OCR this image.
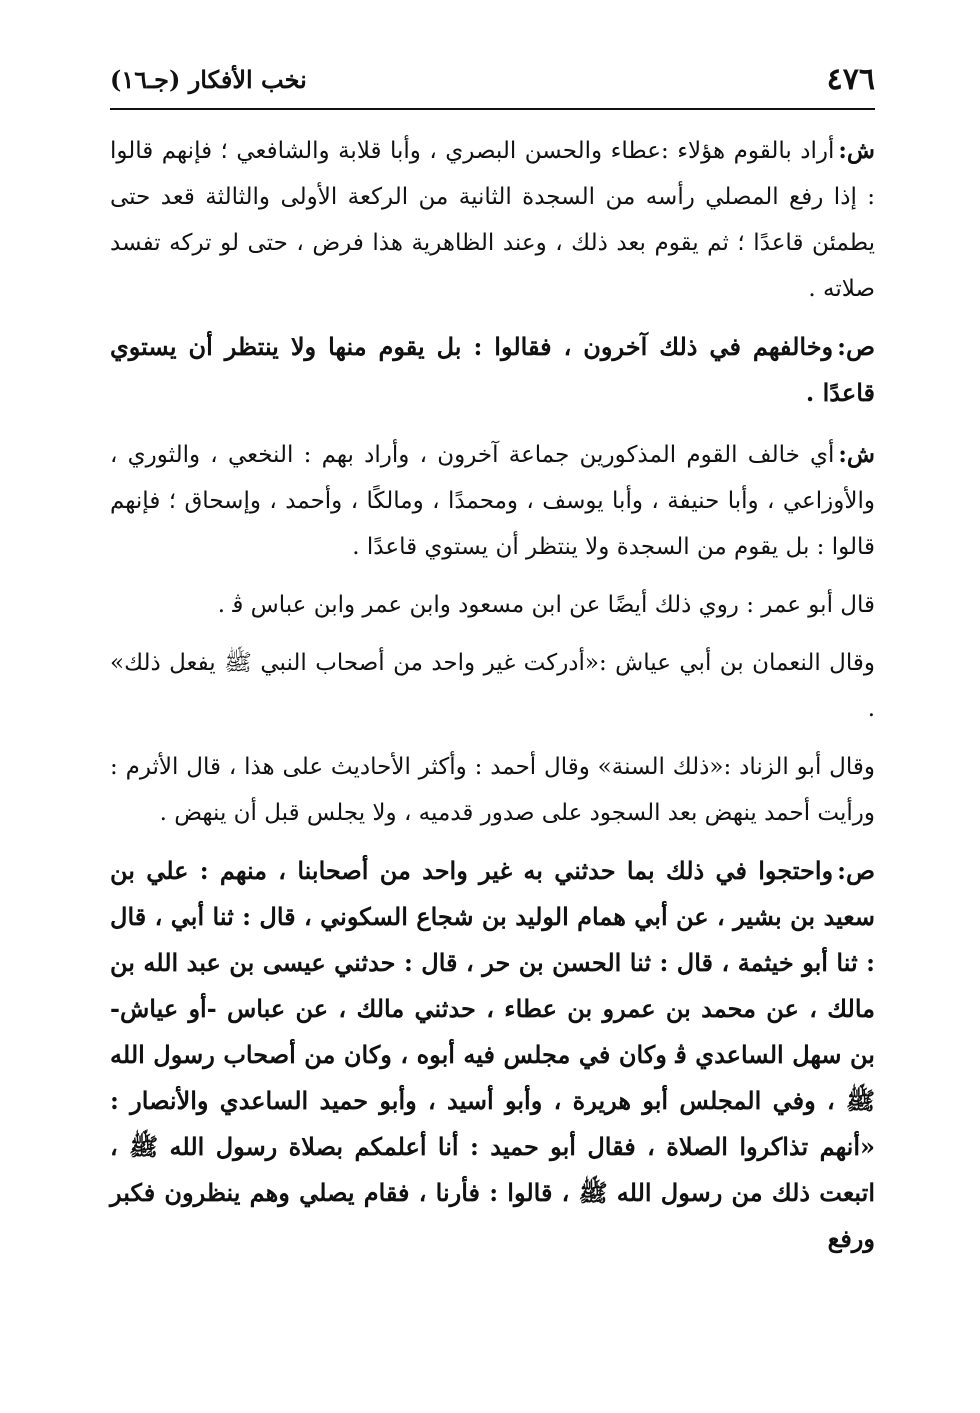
٤٧٦
نخب الأفكار (جـ١٦)

ش:أراد بالقوم هؤلاء :عطاء والحسن البصري ، وأبا قلابة والشافعي ؛ فإنهم قالوا : إذا رفع المصلي رأسه من السجدة الثانية من الركعة الأولى والثالثة قعد حتى يطمئن قاعدًا ؛ ثم يقوم بعد ذلك ، وعند الظاهرية هذا فرض ، حتى لو تركه تفسد صلاته .

ص:وخالفهم في ذلك آخرون ، فقالوا : بل يقوم منها ولا ينتظر أن يستوي قاعدًا .

ش:أي خالف القوم المذكورين جماعة آخرون ، وأراد بهم : النخعي ، والثوري ، والأوزاعي ، وأبا حنيفة ، وأبا يوسف ، ومحمدًا ، ومالكًا ، وأحمد ، وإسحاق ؛ فإنهم قالوا : بل يقوم من السجدة ولا ينتظر أن يستوي قاعدًا .

قال أبو عمر : روي ذلك أيضًا عن ابن مسعود وابن عمر وابن عباس ﭬ .

وقال النعمان بن أبي عياش :«أدركت غير واحد من أصحاب النبي ﷺ يفعل ذلك» .

وقال أبو الزناد :«ذلك السنة» وقال أحمد : وأكثر الأحاديث على هذا ، قال الأثرم : ورأيت أحمد ينهض بعد السجود على صدور قدميه ، ولا يجلس قبل أن ينهض .

ص:واحتجوا في ذلك بما حدثني به غير واحد من أصحابنا ، منهم : علي بن سعيد بن بشير ، عن أبي همام الوليد بن شجاع السكوني ، قال : ثنا أبي ، قال : ثنا أبو خيثمة ، قال : ثنا الحسن بن حر ، قال : حدثني عيسى بن عبد الله بن مالك ، عن محمد بن عمرو بن عطاء ، حدثني مالك ، عن عباس -أو عياش- بن سهل الساعدي ﭬ وكان في مجلس فيه أبوه ، وكان من أصحاب رسول الله ﷺ ، وفي المجلس أبو هريرة ، وأبو أسيد ، وأبو حميد الساعدي والأنصار : «أنهم تذاكروا الصلاة ، فقال أبو حميد : أنا أعلمكم بصلاة رسول الله ﷺ ، اتبعت ذلك من رسول الله ﷺ ، قالوا : فأرنا ، فقام يصلي وهم ينظرون فكبر ورفع
